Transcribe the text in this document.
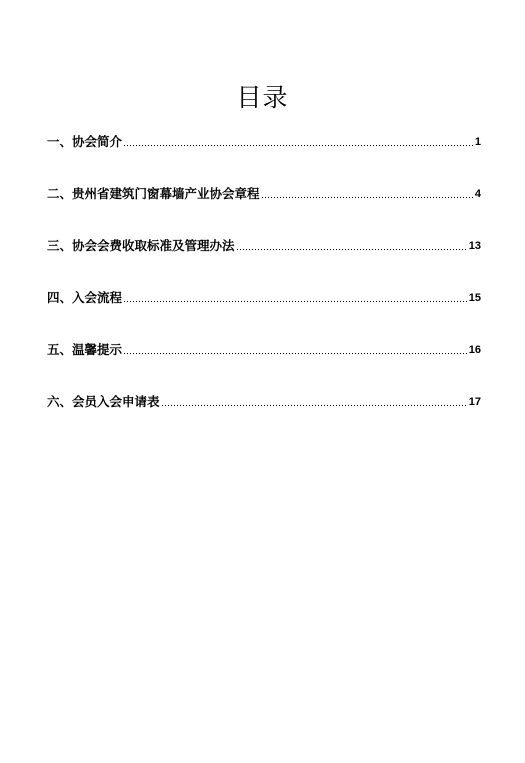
目录
一、 协会简介	1
二、 贵州省建筑门窗幕墙产业协会章程	4
三、 协会会费收取标准及管理办法	13
四、 入会流程	15
五、 温馨提示	16
六、 会员入会申请表	17
